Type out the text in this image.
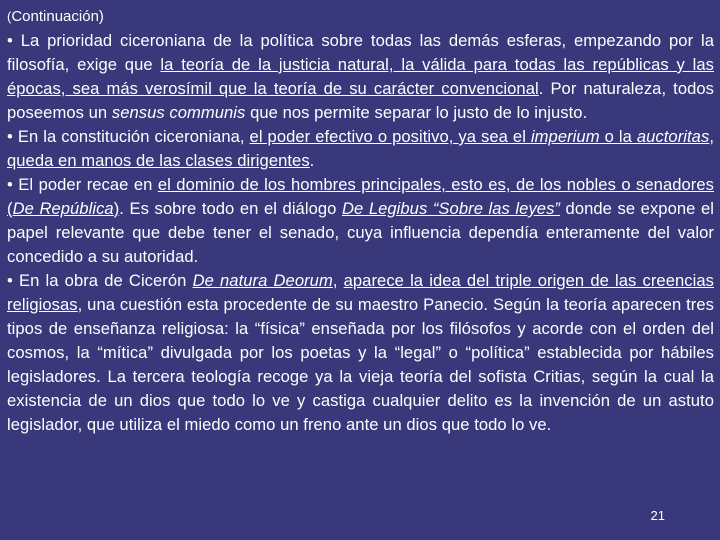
(Continuación)

• La prioridad ciceroniana de la política sobre todas las demás esferas, empezando por la filosofía, exige que la teoría de la justicia natural, la válida para todas las repúblicas y las épocas, sea más verosímil que la teoría de su carácter convencional. Por naturaleza, todos poseemos un sensus communis que nos permite separar lo justo de lo injusto.

• En la constitución ciceroniana, el poder efectivo o positivo, ya sea el imperium o la auctoritas, queda en manos de las clases dirigentes.

• El poder recae en el dominio de los hombres principales, esto es, de los nobles o senadores (De República). Es sobre todo en el diálogo De Legibus “Sobre las leyes” donde se expone el papel relevante que debe tener el senado, cuya influencia dependía enteramente del valor concedido a su autoridad.

• En la obra de Cicerón De natura Deorum, aparece la idea del triple origen de las creencias religiosas, una cuestión esta procedente de su maestro Panecio. Según la teoría aparecen tres tipos de enseñanza religiosa: la “física” enseñada por los filósofos y acorde con el orden del cosmos, la “mítica” divulgada por los poetas y la “legal” o “política” establecida por hábiles legisladores. La tercera teología recoge ya la vieja teoría del sofista Critias, según la cual la existencia de un dios que todo lo ve y castiga cualquier delito es la invención de un astuto legislador, que utiliza el miedo como un freno ante un dios que todo lo ve.

21
